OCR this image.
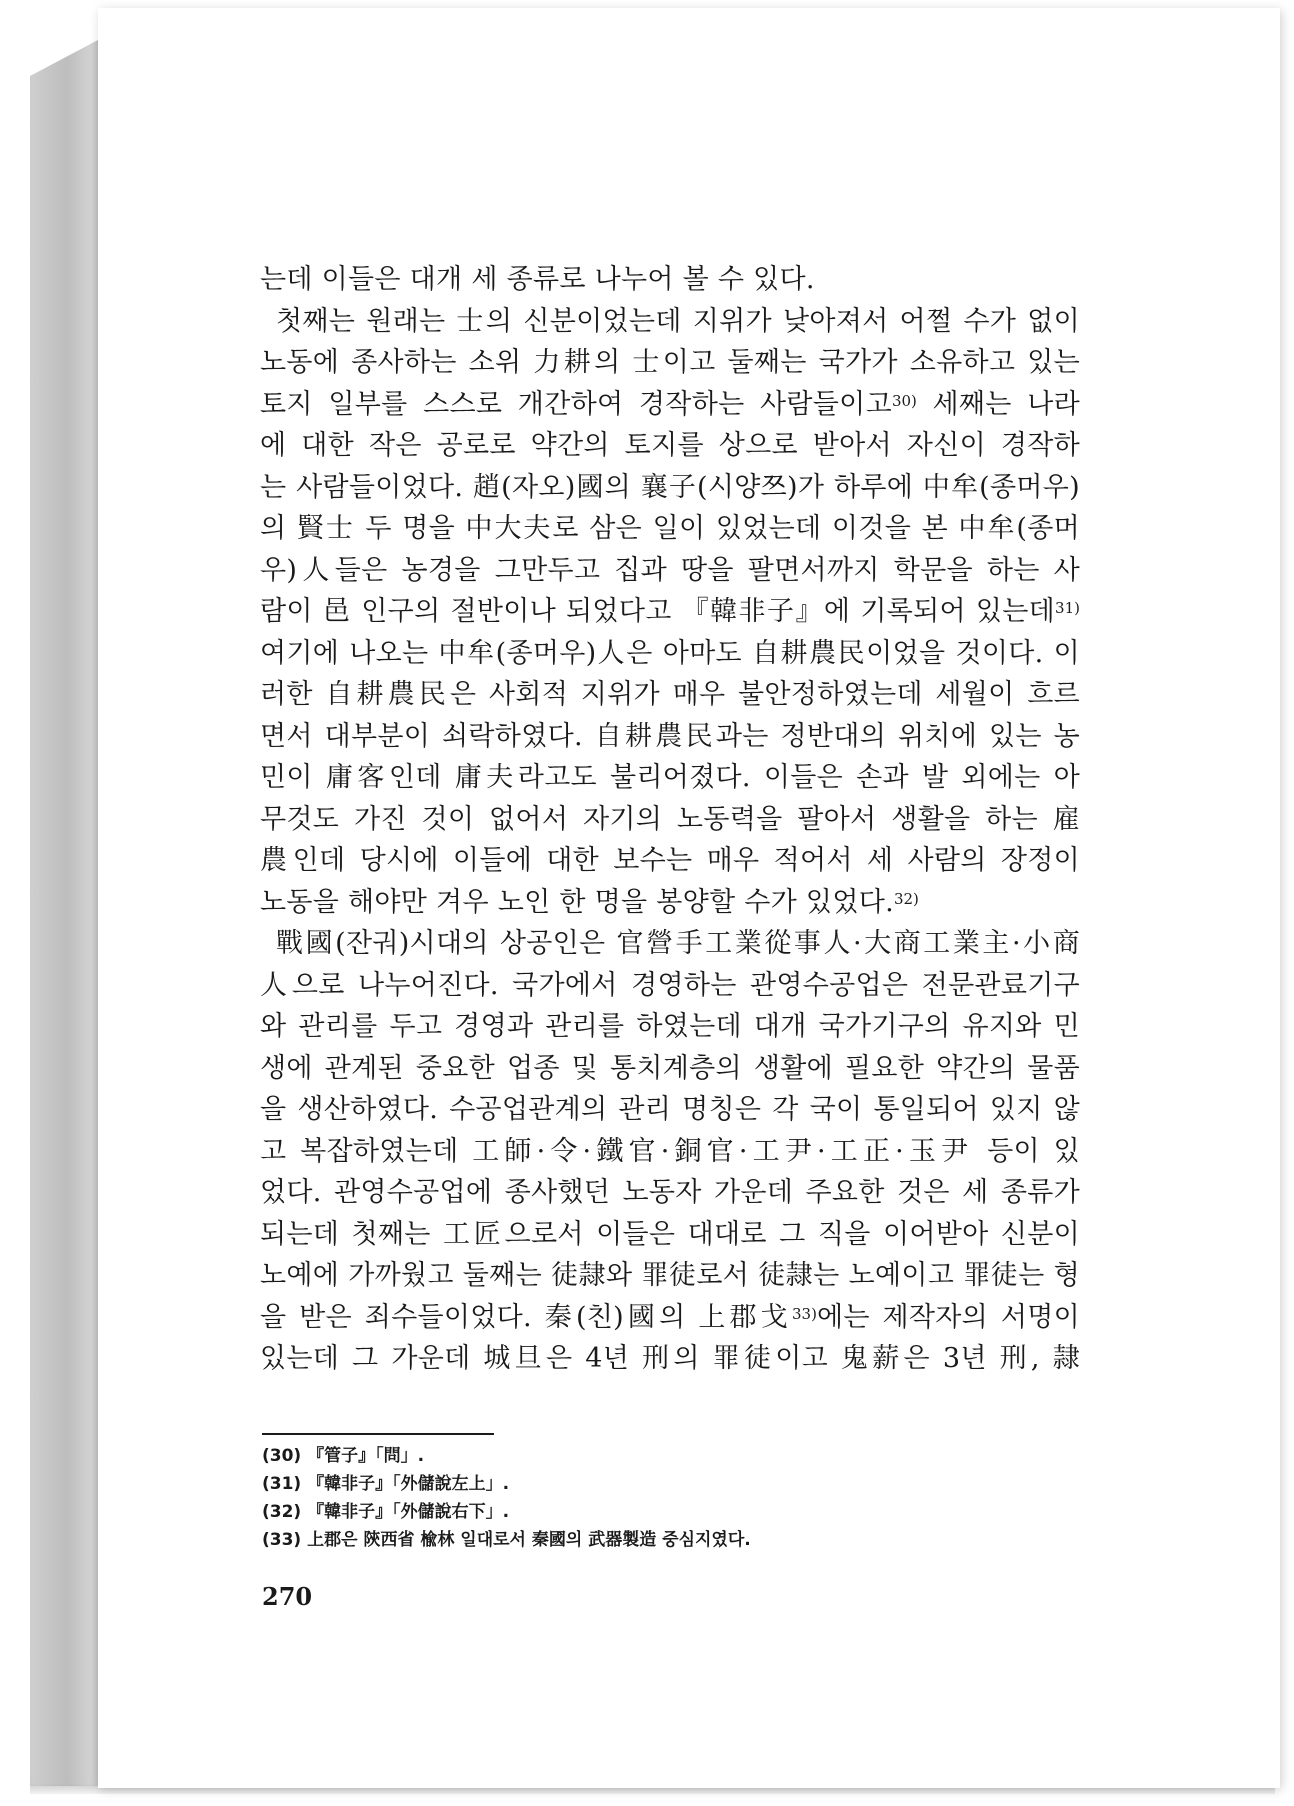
는데 이들은 대개 세 종류로 나누어 볼 수 있다.
첫째는 원래는 士의 신분이었는데 지위가 낮아져서 어쩔 수가 없이
노동에 종사하는 소위 力耕의 士이고 둘째는 국가가 소유하고 있는
토지 일부를 스스로 개간하여 경작하는 사람들이고$^{30)}$ 세째는 나라
에 대한 작은 공로로 약간의 토지를 상으로 받아서 자신이 경작하
는 사람들이었다. 趙(자오)國의 襄子(시양쯔)가 하루에 中牟(종머우)
의 賢士 두 명을 中大夫로 삼은 일이 있었는데 이것을 본 中牟(종머
우)人들은 농경을 그만두고 집과 땅을 팔면서까지 학문을 하는 사
람이 邑 인구의 절반이나 되었다고 『韓非子』에 기록되어 있는데$^{31)}$
여기에 나오는 中牟(종머우)人은 아마도 自耕農民이었을 것이다. 이
러한 自耕農民은 사회적 지위가 매우 불안정하였는데 세월이 흐르
면서 대부분이 쇠락하였다. 自耕農民과는 정반대의 위치에 있는 농
민이 庸客인데 庸夫라고도 불리어졌다. 이들은 손과 발 외에는 아
무것도 가진 것이 없어서 자기의 노동력을 팔아서 생활을 하는 雇
農인데 당시에 이들에 대한 보수는 매우 적어서 세 사람의 장정이
노동을 해야만 겨우 노인 한 명을 봉양할 수가 있었다.$^{32)}$
戰國(잔궈)시대의 상공인은 官營手工業從事人·大商工業主·小商
人으로 나누어진다. 국가에서 경영하는 관영수공업은 전문관료기구
와 관리를 두고 경영과 관리를 하였는데 대개 국가기구의 유지와 민
생에 관계된 중요한 업종 및 통치계층의 생활에 필요한 약간의 물품
을 생산하였다. 수공업관계의 관리 명칭은 각 국이 통일되어 있지 않
고 복잡하였는데 工師·令·鐵官·銅官·工尹·工正·玉尹 등이 있
었다. 관영수공업에 종사했던 노동자 가운데 주요한 것은 세 종류가
되는데 첫째는 工匠으로서 이들은 대대로 그 직을 이어받아 신분이
노예에 가까웠고 둘째는 徒隷와 罪徒로서 徒隷는 노예이고 罪徒는 형
을 받은 죄수들이었다. 秦(친)國의 上郡戈$^{33)}$에는 제작자의 서명이
있는데 그 가운데 城旦은 4년 刑의 罪徒이고 鬼薪은 3년 刑, 隷
(30) 『管子』「問」.
(31) 『韓非子』「外儲說左上」.
(32) 『韓非子』「外儲說右下」.
(33) 上郡은 陝西省 楡林 일대로서 秦國의 武器製造 중심지였다.
270
